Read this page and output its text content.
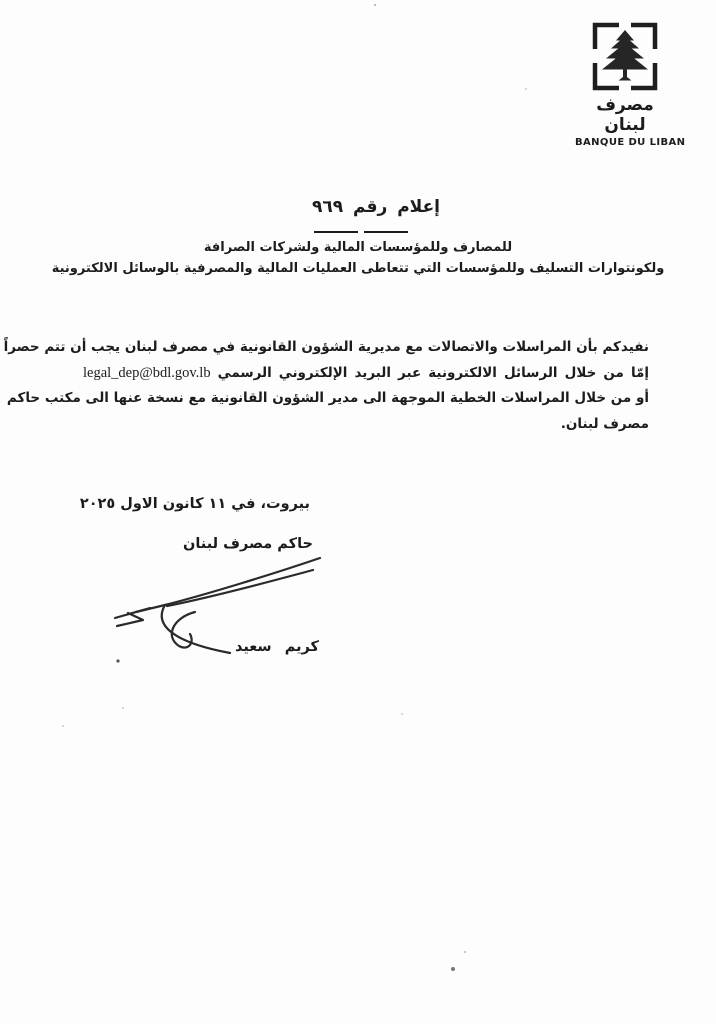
مصرف لبنان
BANQUE DU LIBAN
إعلام رقم ٩٦٩
للمصارف وللمؤسسات المالية ولشركات الصرافة
ولكونتوارات التسليف وللمؤسسات التي تتعاطى العمليات المالية والمصرفية بالوسائل الالكترونية
نفيدكم بأن المراسلات والاتصالات مع مديرية الشؤون القانونية في مصرف لبنان يجب أن تتم حصراً
إمّا من خلال الرسائل الالكترونية عبر البريد الإلكتروني الرسمي legal_dep@bdl.gov.lb
أو من خلال المراسلات الخطية الموجهة الى مدير الشؤون القانونية مع نسخة عنها الى مكتب حاكم
مصرف لبنان.
بيروت، في ١١ كانون الاول ٢٠٢٥
حاكم مصرف لبنان
كريم سعيد
